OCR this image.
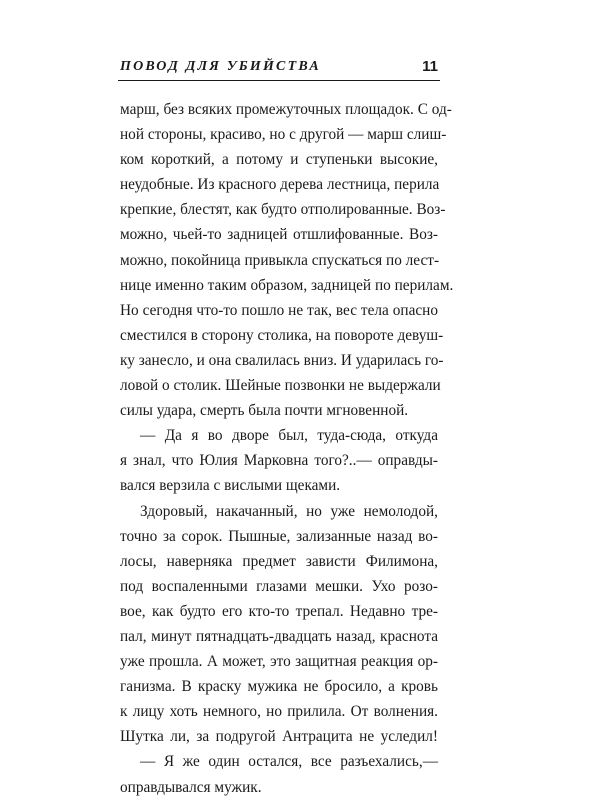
ПОВОД ДЛЯ УБИЙСТВА	11
марш, без всяких промежуточных площадок. С од-
ной стороны, красиво, но с другой — марш слиш-
ком короткий, а потому и ступеньки высокие,
неудобные. Из красного дерева лестница, перила
крепкие, блестят, как будто отполированные. Воз-
можно, чьей-то задницей отшлифованные. Воз-
можно, покойница привыкла спускаться по лест-
нице именно таким образом, задницей по перилам.
Но сегодня что-то пошло не так, вес тела опасно
сместился в сторону столика, на повороте девуш-
ку занесло, и она свалилась вниз. И ударилась го-
ловой о столик. Шейные позвонки не выдержали
силы удара, смерть была почти мгновенной.
— Да я во дворе был, туда-сюда, откуда
я знал, что Юлия Марковна того?..— оправды-
вался верзила с вислыми щеками.
Здоровый, накачанный, но уже немолодой,
точно за сорок. Пышные, зализанные назад во-
лосы, наверняка предмет зависти Филимона,
под воспаленными глазами мешки. Ухо розо-
вое, как будто его кто-то трепал. Недавно тре-
пал, минут пятнадцать-двадцать назад, краснота
уже прошла. А может, это защитная реакция ор-
ганизма. В краску мужика не бросило, а кровь
к лицу хоть немного, но прилила. От волнения.
Шутка ли, за подругой Антрацита не уследил!
— Я же один остался, все разъехались,—
оправдывался мужик.
